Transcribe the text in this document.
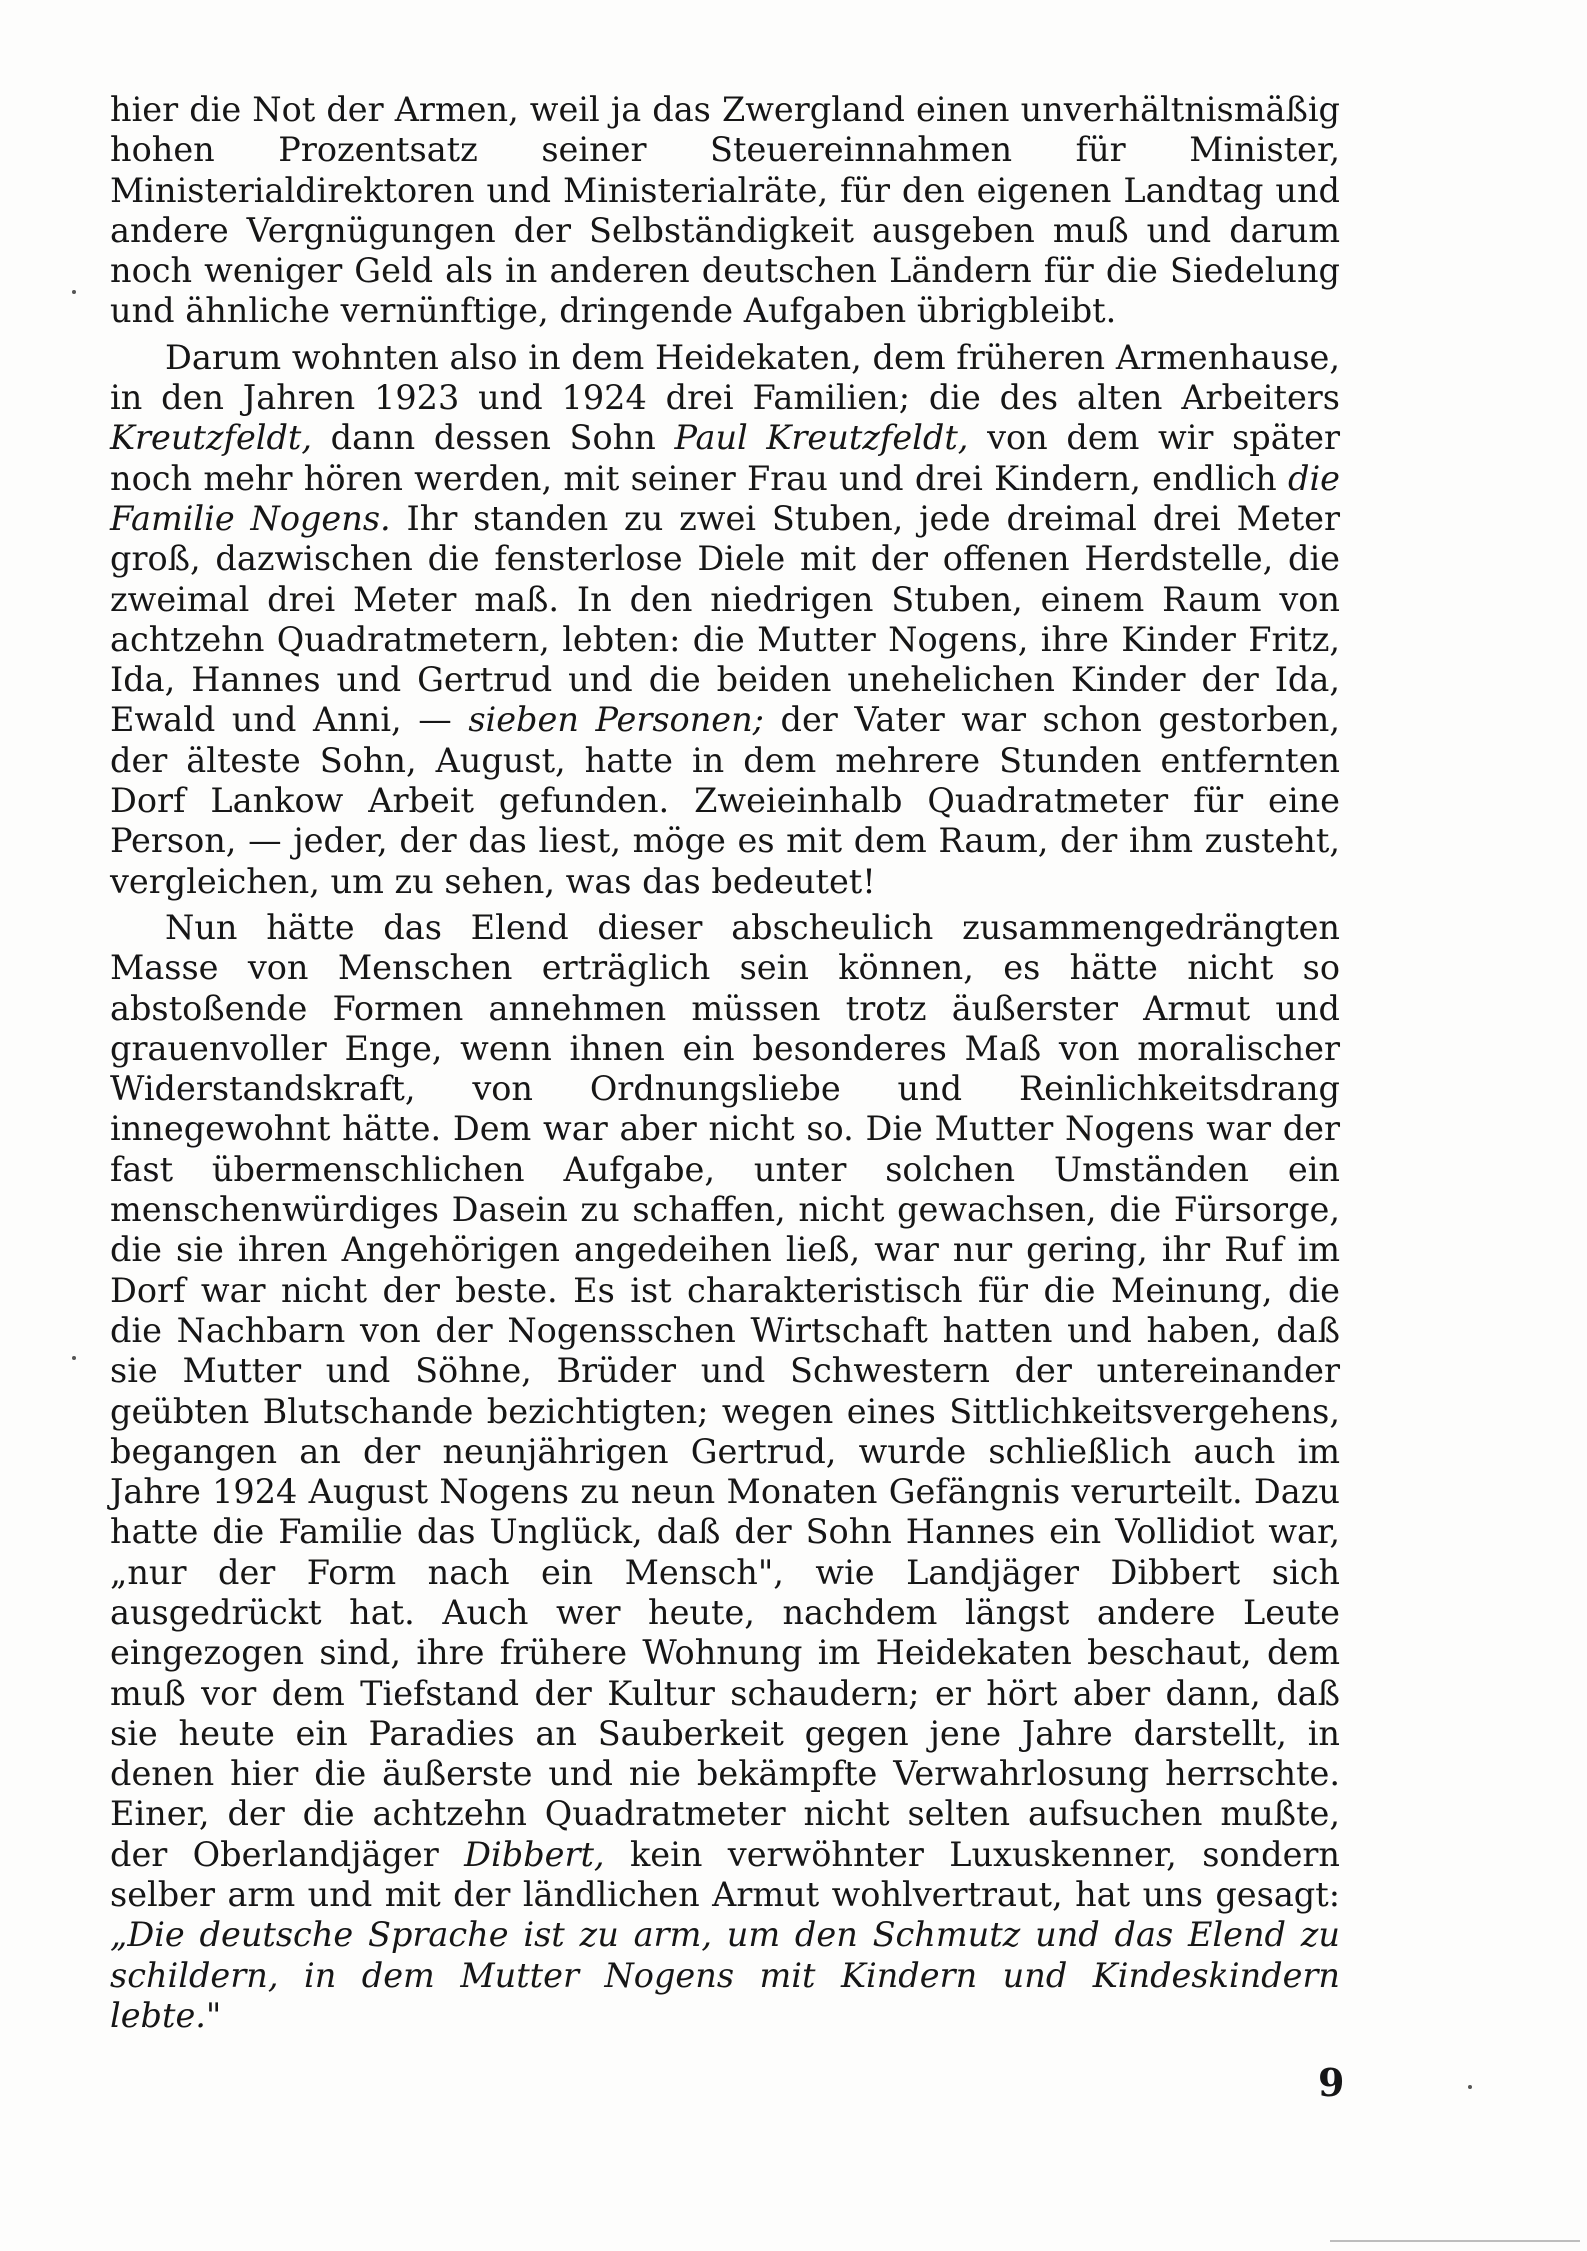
hier die Not der Armen, weil ja das Zwergland einen unverhältnismäßig hohen Prozentsatz seiner Steuereinnahmen für Minister, Ministerialdirektoren und Ministerialräte, für den eigenen Landtag und andere Vergnügungen der Selbständigkeit ausgeben muß und darum noch weniger Geld als in anderen deutschen Ländern für die Siedelung und ähnliche vernünftige, dringende Aufgaben übrigbleibt.

Darum wohnten also in dem Heidekaten, dem früheren Armenhause, in den Jahren 1923 und 1924 drei Familien; die des alten Arbeiters Kreutzfeldt, dann dessen Sohn Paul Kreutzfeldt, von dem wir später noch mehr hören werden, mit seiner Frau und drei Kindern, endlich die Familie Nogens. Ihr standen zu zwei Stuben, jede dreimal drei Meter groß, dazwischen die fensterlose Diele mit der offenen Herdstelle, die zweimal drei Meter maß. In den niedrigen Stuben, einem Raum von achtzehn Quadratmetern, lebten: die Mutter Nogens, ihre Kinder Fritz, Ida, Hannes und Gertrud und die beiden unehelichen Kinder der Ida, Ewald und Anni, — sieben Personen; der Vater war schon gestorben, der älteste Sohn, August, hatte in dem mehrere Stunden entfernten Dorf Lankow Arbeit gefunden. Zweieinhalb Quadratmeter für eine Person, — jeder, der das liest, möge es mit dem Raum, der ihm zusteht, vergleichen, um zu sehen, was das bedeutet!

Nun hätte das Elend dieser abscheulich zusammengedrängten Masse von Menschen erträglich sein können, es hätte nicht so abstoßende Formen annehmen müssen trotz äußerster Armut und grauenvoller Enge, wenn ihnen ein besonderes Maß von moralischer Widerstandskraft, von Ordnungsliebe und Reinlichkeitsdrang innegewohnt hätte. Dem war aber nicht so. Die Mutter Nogens war der fast übermenschlichen Aufgabe, unter solchen Umständen ein menschenwürdiges Dasein zu schaffen, nicht gewachsen, die Fürsorge, die sie ihren Angehörigen angedeihen ließ, war nur gering, ihr Ruf im Dorf war nicht der beste. Es ist charakteristisch für die Meinung, die die Nachbarn von der Nogensschen Wirtschaft hatten und haben, daß sie Mutter und Söhne, Brüder und Schwestern der untereinander geübten Blutschande bezichtigten; wegen eines Sittlichkeitsvergehens, begangen an der neunjährigen Gertrud, wurde schließlich auch im Jahre 1924 August Nogens zu neun Monaten Gefängnis verurteilt. Dazu hatte die Familie das Unglück, daß der Sohn Hannes ein Vollidiot war, „nur der Form nach ein Mensch", wie Landjäger Dibbert sich ausgedrückt hat. Auch wer heute, nachdem längst andere Leute eingezogen sind, ihre frühere Wohnung im Heidekaten beschaut, dem muß vor dem Tiefstand der Kultur schaudern; er hört aber dann, daß sie heute ein Paradies an Sauberkeit gegen jene Jahre darstellt, in denen hier die äußerste und nie bekämpfte Verwahrlosung herrschte. Einer, der die achtzehn Quadratmeter nicht selten aufsuchen mußte, der Oberlandjäger Dibbert, kein verwöhnter Luxuskenner, sondern selber arm und mit der ländlichen Armut wohlvertraut, hat uns gesagt: „Die deutsche Sprache ist zu arm, um den Schmutz und das Elend zu schildern, in dem Mutter Nogens mit Kindern und Kindeskindern lebte."

9
